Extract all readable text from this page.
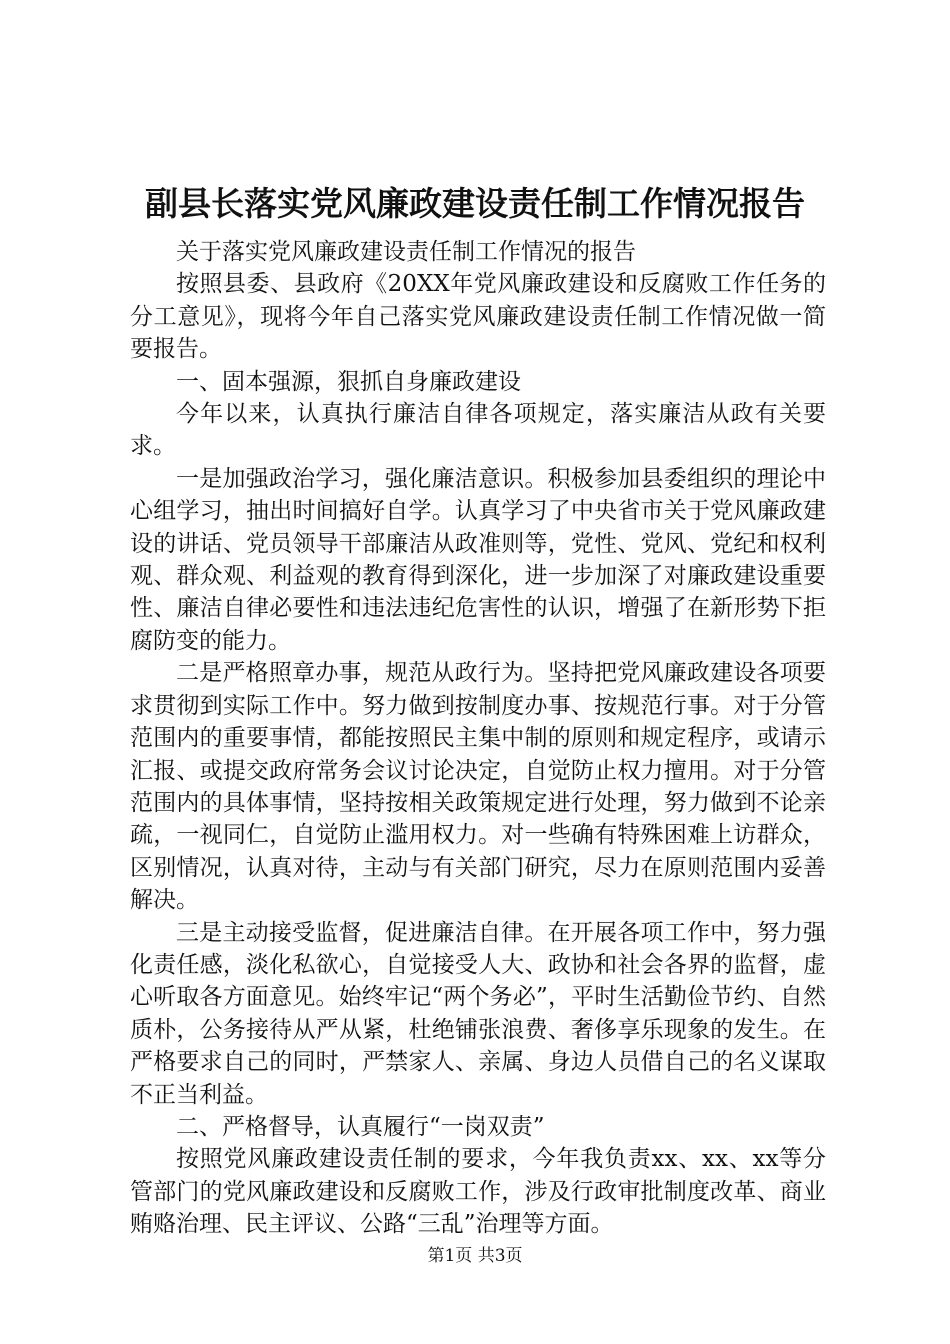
副县长落实党风廉政建设责任制工作情况报告

关于落实党风廉政建设责任制工作情况的报告

按照县委、县政府《20XX年党风廉政建设和反腐败工作任务的分工意见》，现将今年自己落实党风廉政建设责任制工作情况做一简要报告。

一、固本强源，狠抓自身廉政建设

今年以来，认真执行廉洁自律各项规定，落实廉洁从政有关要求。

一是加强政治学习，强化廉洁意识。积极参加县委组织的理论中心组学习，抽出时间搞好自学。认真学习了中央省市关于党风廉政建设的讲话、党员领导干部廉洁从政准则等，党性、党风、党纪和权利观、群众观、利益观的教育得到深化，进一步加深了对廉政建设重要性、廉洁自律必要性和违法违纪危害性的认识，增强了在新形势下拒腐防变的能力。

二是严格照章办事，规范从政行为。坚持把党风廉政建设各项要求贯彻到实际工作中。努力做到按制度办事、按规范行事。对于分管范围内的重要事情，都能按照民主集中制的原则和规定程序，或请示汇报、或提交政府常务会议讨论决定，自觉防止权力擅用。对于分管范围内的具体事情，坚持按相关政策规定进行处理，努力做到不论亲疏，一视同仁，自觉防止滥用权力。对一些确有特殊困难上访群众，区别情况，认真对待，主动与有关部门研究，尽力在原则范围内妥善解决。

三是主动接受监督，促进廉洁自律。在开展各项工作中，努力强化责任感，淡化私欲心，自觉接受人大、政协和社会各界的监督，虚心听取各方面意见。始终牢记“两个务必”，平时生活勤俭节约、自然质朴，公务接待从严从紧，杜绝铺张浪费、奢侈享乐现象的发生。在严格要求自己的同时，严禁家人、亲属、身边人员借自己的名义谋取不正当利益。

二、严格督导，认真履行“一岗双责”

按照党风廉政建设责任制的要求，今年我负责xx、xx、xx等分管部门的党风廉政建设和反腐败工作，涉及行政审批制度改革、商业贿赂治理、民主评议、公路“三乱”治理等方面。

第1页 共3页
